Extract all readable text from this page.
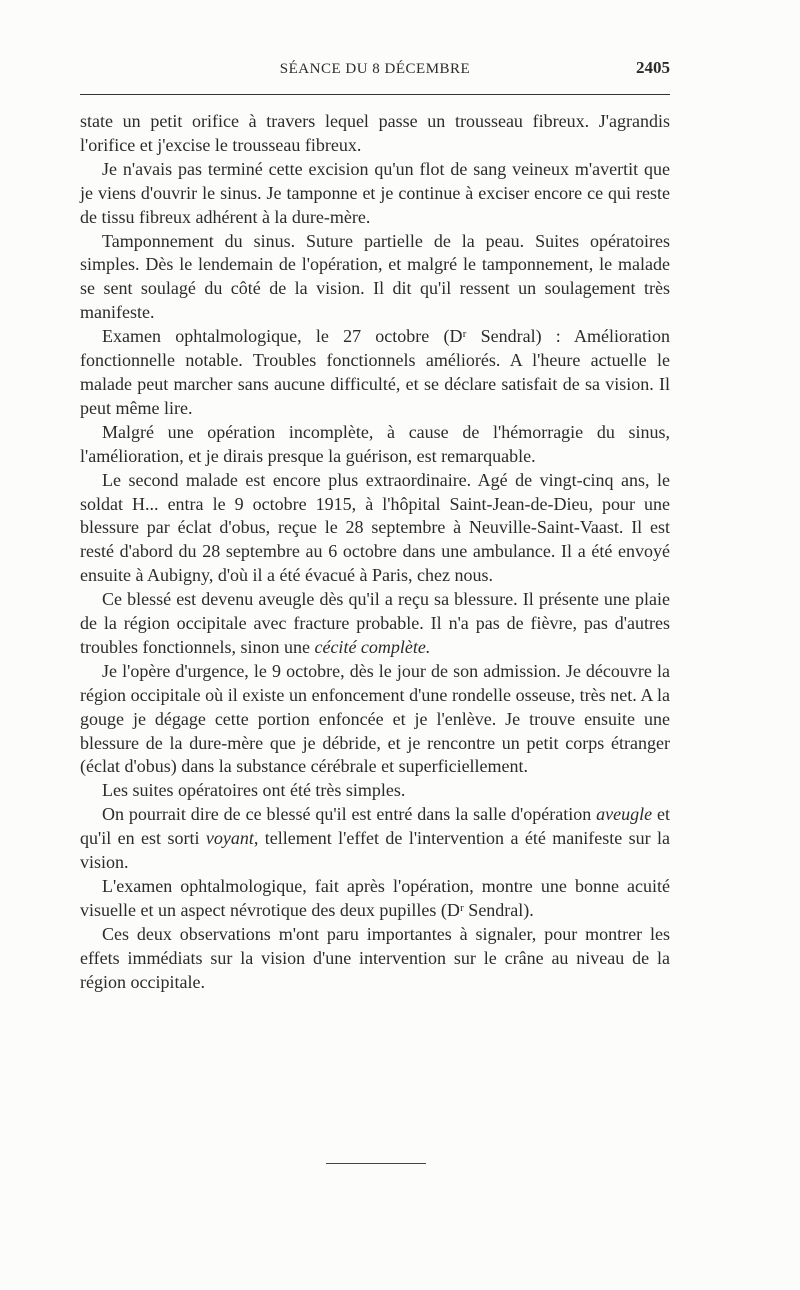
SÉANCE DU 8 DÉCEMBRE	2405

state un petit orifice à travers lequel passe un trousseau fibreux. J'agrandis l'orifice et j'excise le trousseau fibreux.

Je n'avais pas terminé cette excision qu'un flot de sang veineux m'avertit que je viens d'ouvrir le sinus. Je tamponne et je continue à exciser encore ce qui reste de tissu fibreux adhérent à la dure-mère.

Tamponnement du sinus. Suture partielle de la peau. Suites opératoires simples. Dès le lendemain de l'opération, et malgré le tamponnement, le malade se sent soulagé du côté de la vision. Il dit qu'il ressent un soulagement très manifeste.

Examen ophtalmologique, le 27 octobre (Dʳ Sendral) : Amélioration fonctionnelle notable. Troubles fonctionnels améliorés. A l'heure actuelle le malade peut marcher sans aucune difficulté, et se déclare satisfait de sa vision. Il peut même lire.

Malgré une opération incomplète, à cause de l'hémorragie du sinus, l'amélioration, et je dirais presque la guérison, est remarquable.

Le second malade est encore plus extraordinaire. Agé de vingt-cinq ans, le soldat H... entra le 9 octobre 1915, à l'hôpital Saint-Jean-de-Dieu, pour une blessure par éclat d'obus, reçue le 28 septembre à Neuville-Saint-Vaast. Il est resté d'abord du 28 septembre au 6 octobre dans une ambulance. Il a été envoyé ensuite à Aubigny, d'où il a été évacué à Paris, chez nous.

Ce blessé est devenu aveugle dès qu'il a reçu sa blessure. Il présente une plaie de la région occipitale avec fracture probable. Il n'a pas de fièvre, pas d'autres troubles fonctionnels, sinon une cécité complète.

Je l'opère d'urgence, le 9 octobre, dès le jour de son admission. Je découvre la région occipitale où il existe un enfoncement d'une rondelle osseuse, très net. A la gouge je dégage cette portion enfoncée et je l'enlève. Je trouve ensuite une blessure de la dure-mère que je débride, et je rencontre un petit corps étranger (éclat d'obus) dans la substance cérébrale et superficiellement.

Les suites opératoires ont été très simples.

On pourrait dire de ce blessé qu'il est entré dans la salle d'opération aveugle et qu'il en est sorti voyant, tellement l'effet de l'intervention a été manifeste sur la vision.

L'examen ophtalmologique, fait après l'opération, montre une bonne acuité visuelle et un aspect névrotique des deux pupilles (Dʳ Sendral).

Ces deux observations m'ont paru importantes à signaler, pour montrer les effets immédiats sur la vision d'une intervention sur le crâne au niveau de la région occipitale.
